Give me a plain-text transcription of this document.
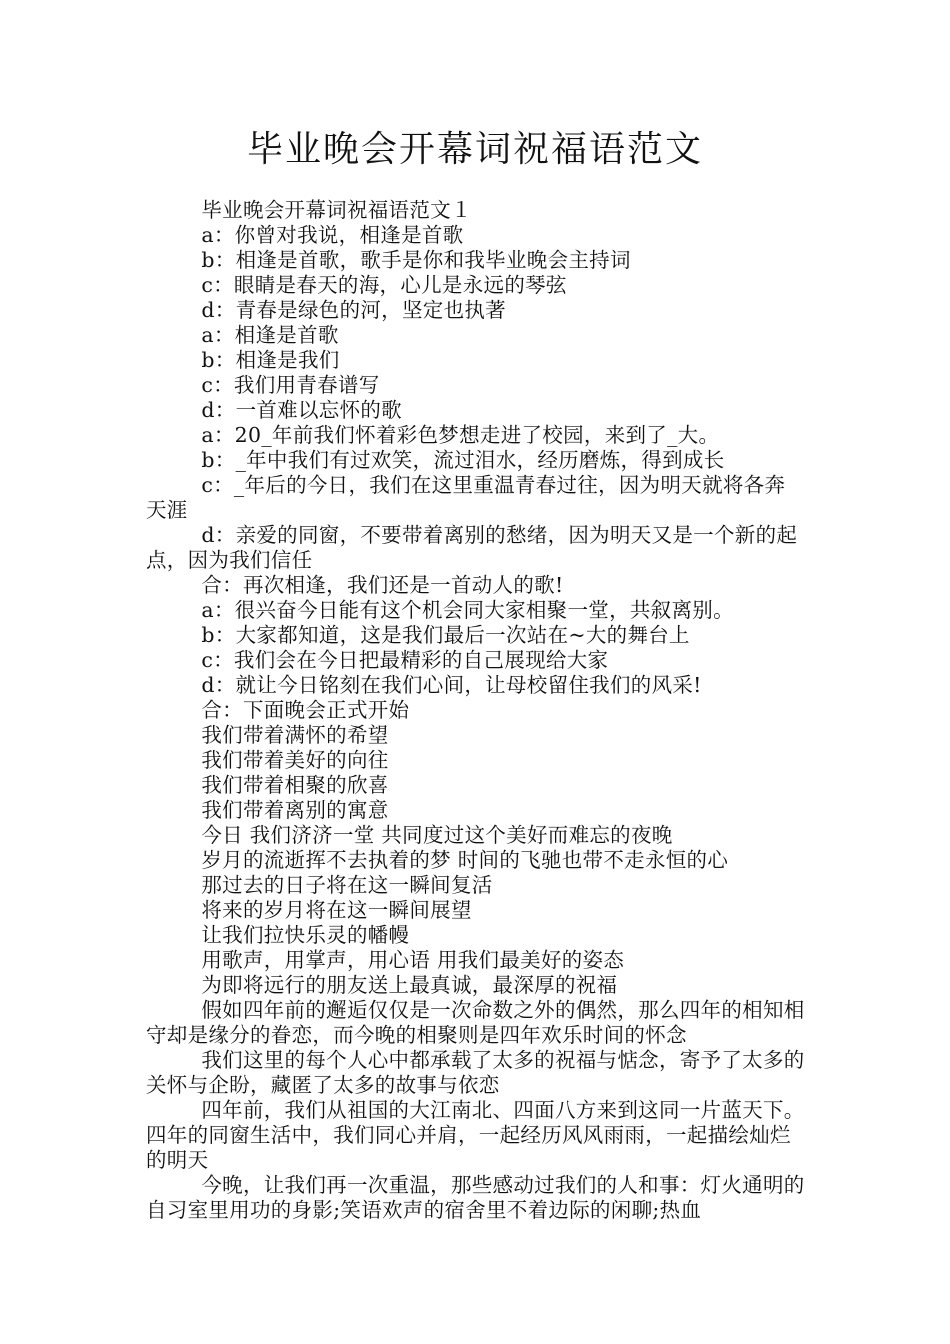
毕业晚会开幕词祝福语范文

毕业晚会开幕词祝福语范文１

a：你曾对我说，相逢是首歌

b：相逢是首歌，歌手是你和我毕业晚会主持词

c：眼睛是春天的海，心儿是永远的琴弦

d：青春是绿色的河，坚定也执著

a：相逢是首歌

b：相逢是我们

c：我们用青春谱写

d：一首难以忘怀的歌

a：20_年前我们怀着彩色梦想走进了校园，来到了_大。

b：_年中我们有过欢笑，流过泪水，经历磨炼，得到成长

c：_年后的今日，我们在这里重温青春过往，因为明天就将各奔天涯

d：亲爱的同窗，不要带着离别的愁绪，因为明天又是一个新的起点，因为我们信任

合：再次相逢，我们还是一首动人的歌!

a：很兴奋今日能有这个机会同大家相聚一堂，共叙离别。

b：大家都知道，这是我们最后一次站在~大的舞台上

c：我们会在今日把最精彩的自己展现给大家

d：就让今日铭刻在我们心间，让母校留住我们的风采!

合：下面晚会正式开始

我们带着满怀的希望

我们带着美好的向往

我们带着相聚的欣喜

我们带着离别的寓意

今日 我们济济一堂 共同度过这个美好而难忘的夜晚

岁月的流逝挥不去执着的梦 时间的飞驰也带不走永恒的心

那过去的日子将在这一瞬间复活

将来的岁月将在这一瞬间展望

让我们拉快乐灵的幡幔

用歌声，用掌声，用心语 用我们最美好的姿态

为即将远行的朋友送上最真诚，最深厚的祝福

假如四年前的邂逅仅仅是一次命数之外的偶然，那么四年的相知相守却是缘分的眷恋，而今晚的相聚则是四年欢乐时间的怀念

我们这里的每个人心中都承载了太多的祝福与惦念，寄予了太多的关怀与企盼，藏匿了太多的故事与依恋

四年前，我们从祖国的大江南北、四面八方来到这同一片蓝天下。四年的同窗生活中，我们同心并肩，一起经历风风雨雨，一起描绘灿烂的明天

今晚，让我们再一次重温，那些感动过我们的人和事：灯火通明的自习室里用功的身影;笑语欢声的宿舍里不着边际的闲聊;热血
